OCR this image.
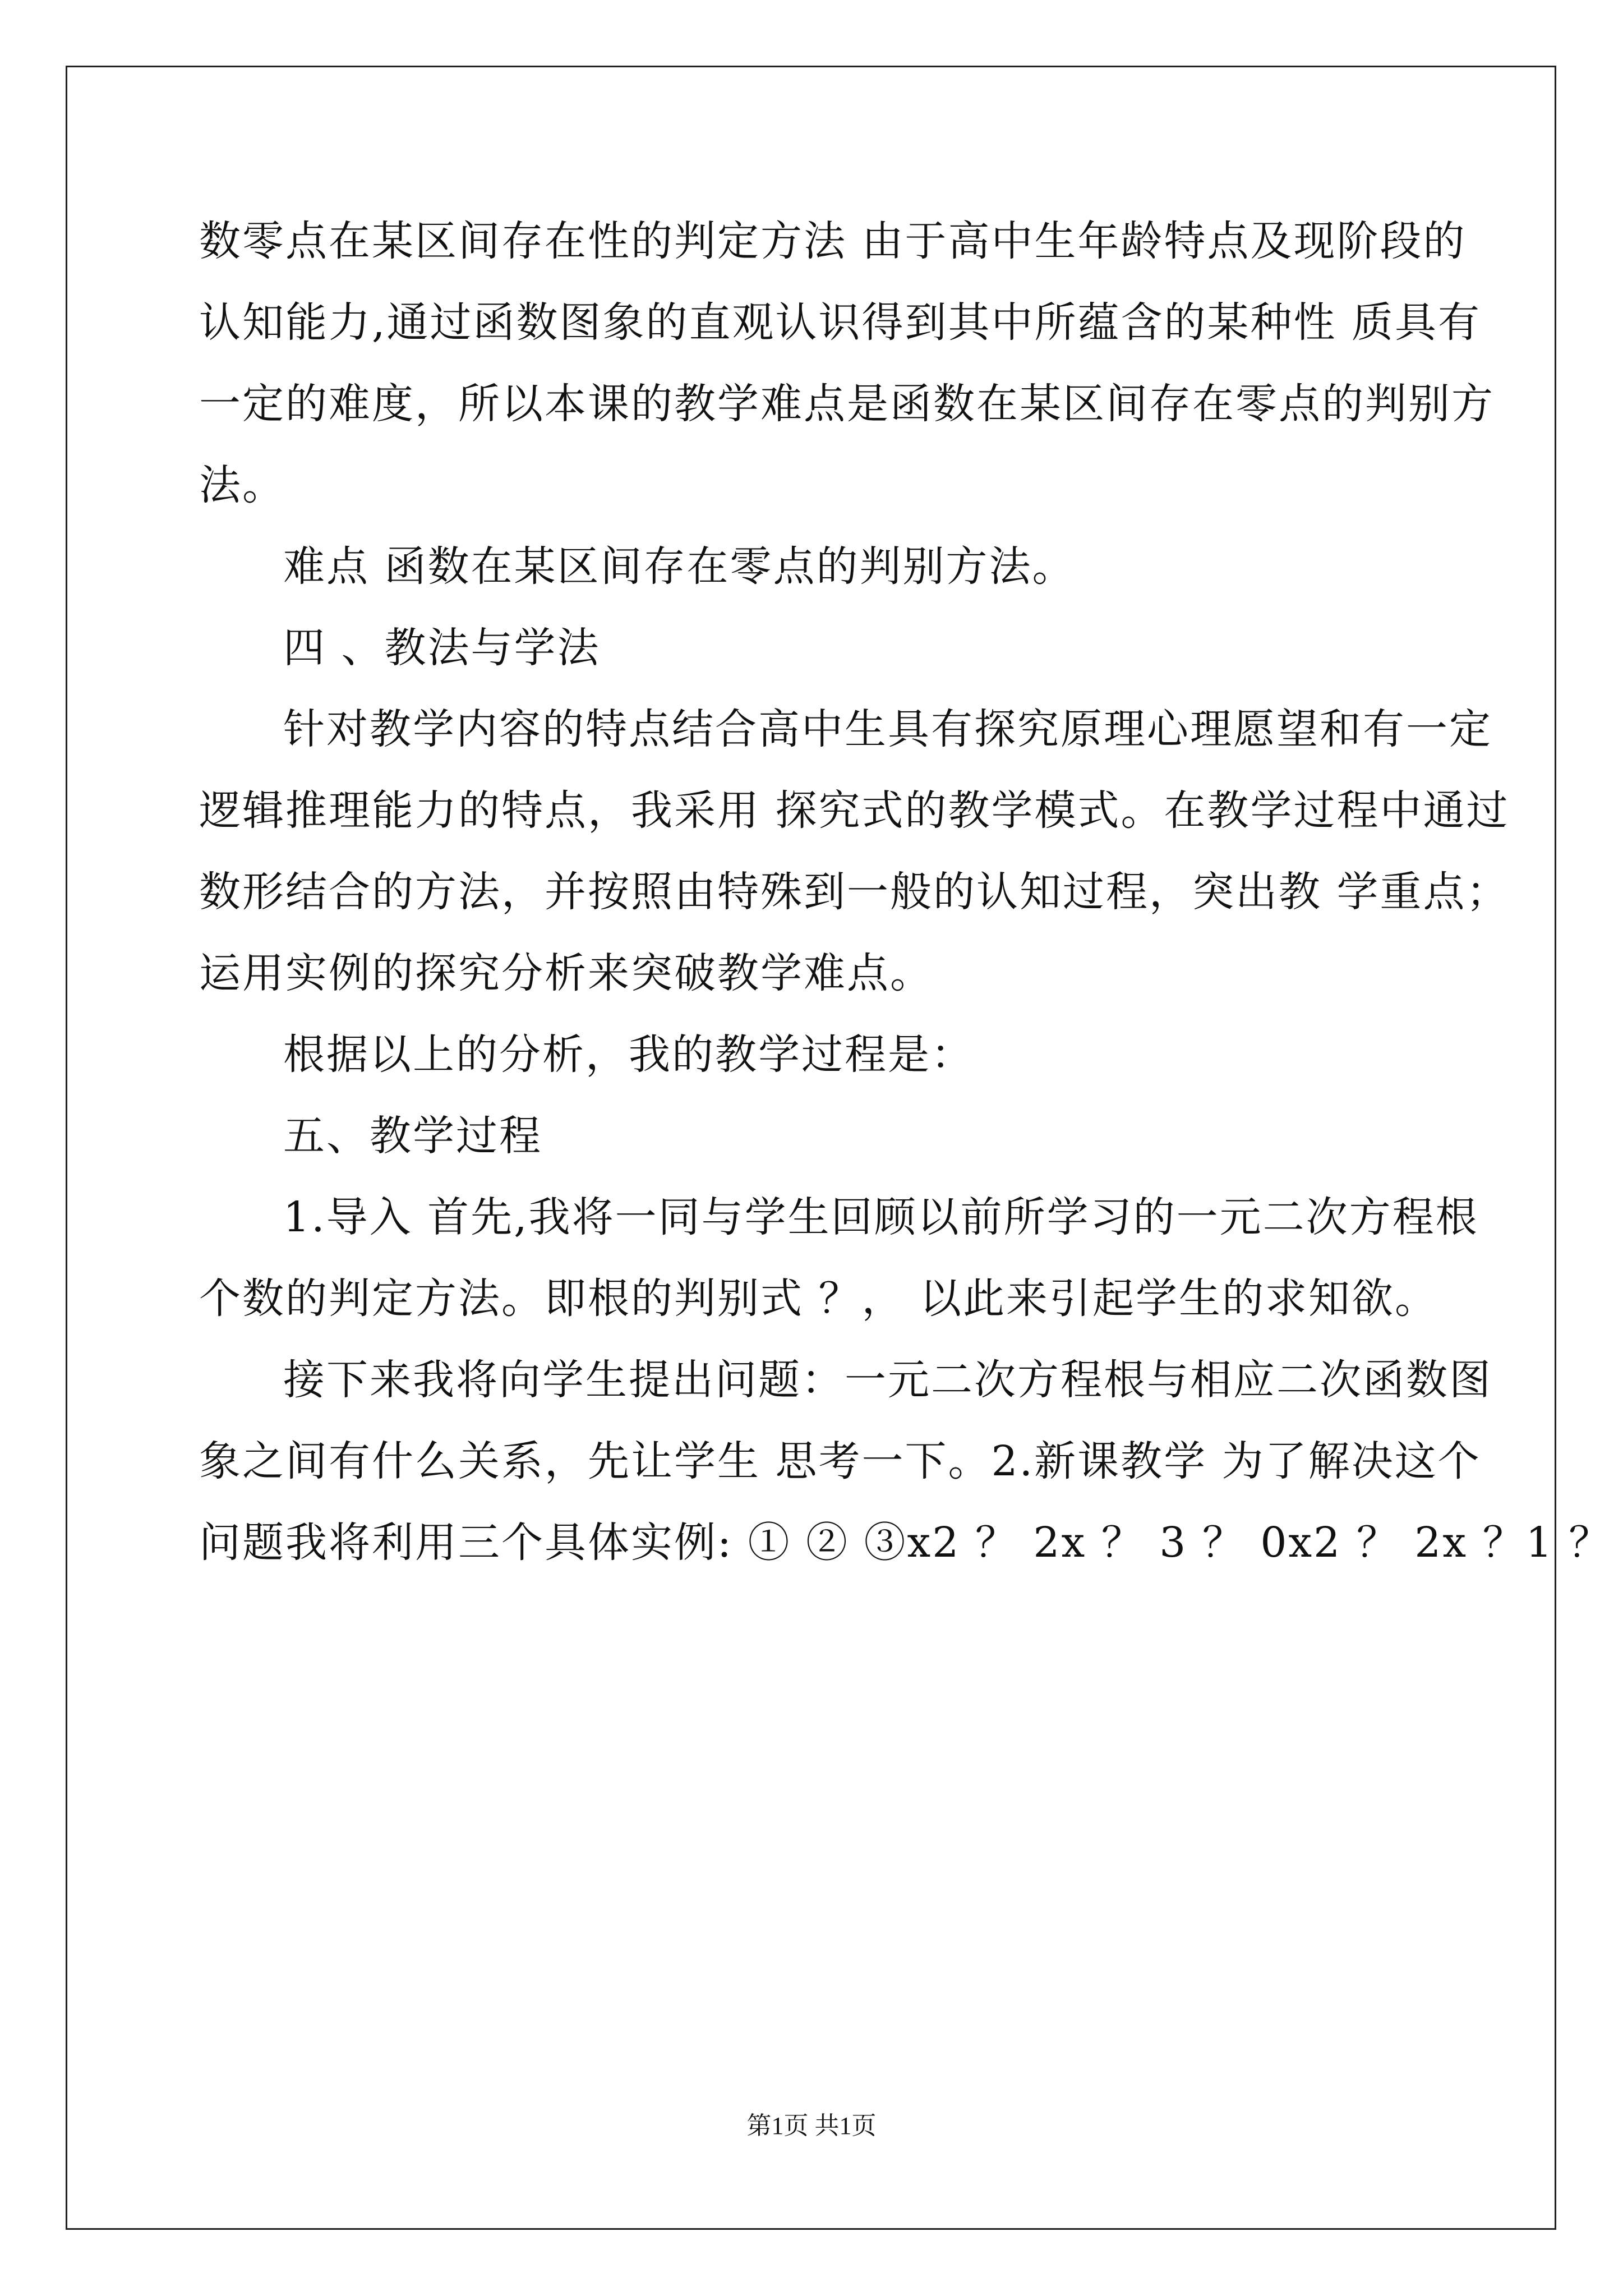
数零点在某区间存在性的判定方法 由于高中生年龄特点及现阶段的
认知能力,通过函数图象的直观认识得到其中所蕴含的某种性 质具有
一定的难度，所以本课的教学难点是函数在某区间存在零点的判别方
法。
难点 函数在某区间存在零点的判别方法。
四 、教法与学法
针对教学内容的特点结合高中生具有探究原理心理愿望和有一定
逻辑推理能力的特点，我采用 探究式的教学模式。在教学过程中通过
数形结合的方法，并按照由特殊到一般的认知过程，突出教 学重点；
运用实例的探究分析来突破教学难点。
根据以上的分析，我的教学过程是：
五、教学过程
1.导入 首先,我将一同与学生回顾以前所学习的一元二次方程根
个数的判定方法。即根的判别式 ？， 以此来引起学生的求知欲。
接下来我将向学生提出问题：一元二次方程根与相应二次函数图
象之间有什么关系，先让学生 思考一下。2.新课教学 为了解决这个
问题我将利用三个具体实例: ① ② ③x2 ？ 2x ？ 3 ？ 0x2 ？ 2x ？1 ？
第1页 共1页
